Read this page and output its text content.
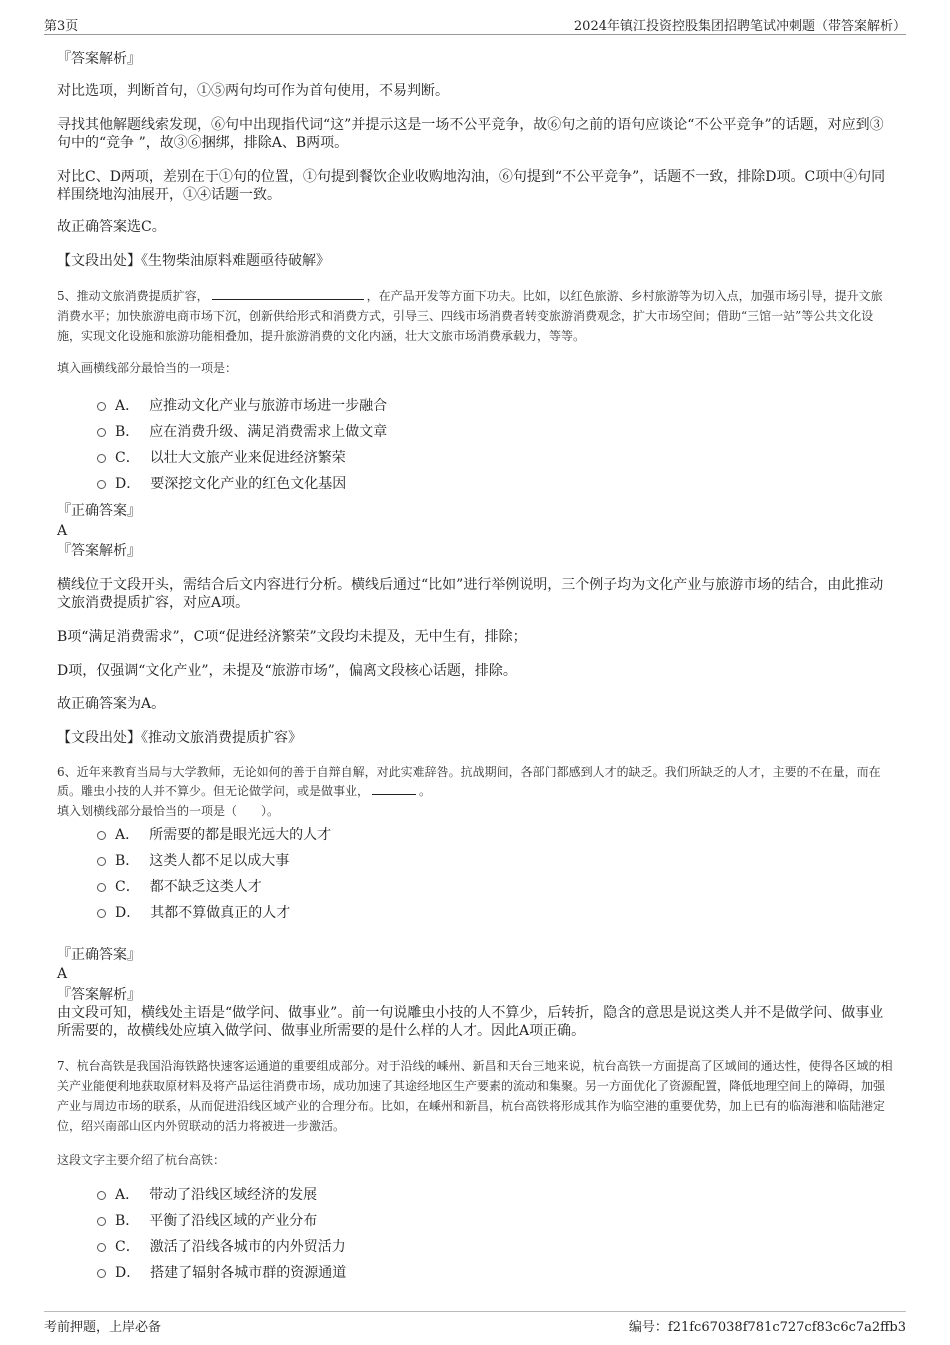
第3页	2024年镇江投资控股集团招聘笔试冲刺题（带答案解析）

『答案解析』

对比选项，判断首句，①⑤两句均可作为首句使用，不易判断。

寻找其他解题线索发现，⑥句中出现指代词“这”并提示这是一场不公平竞争，故⑥句之前的语句应谈论“不公平竞争”的话题，对应到③句中的“竞争 ”，故③⑥捆绑，排除A、B两项。

对比C、D两项，差别在于①句的位置，①句提到餐饮企业收购地沟油，⑥句提到“不公平竞争”，话题不一致，排除D项。C项中④句同样围绕地沟油展开，①④话题一致。

故正确答案选C。

【文段出处】《生物柴油原料难题亟待破解》

5、推动文旅消费提质扩容，	，在产品开发等方面下功夫。比如，以红色旅游、乡村旅游等为切入点，加强市场引导，提升文旅消费水平；加快旅游电商市场下沉，创新供给形式和消费方式，引导三、四线市场消费者转变旅游消费观念，扩大市场空间；借助“三馆一站”等公共文化设施，实现文化设施和旅游功能相叠加，提升旅游消费的文化内涵，壮大文旅市场消费承载力，等等。

填入画横线部分最恰当的一项是：

A． 应推动文化产业与旅游市场进一步融合
B． 应在消费升级、满足消费需求上做文章
C． 以壮大文旅产业来促进经济繁荣
D． 要深挖文化产业的红色文化基因

『正确答案』

A

『答案解析』

横线位于文段开头，需结合后文内容进行分析。横线后通过“比如”进行举例说明，三个例子均为文化产业与旅游市场的结合，由此推动文旅消费提质扩容，对应A项。

B项“满足消费需求”，C项“促进经济繁荣”文段均未提及，无中生有，排除；

D项，仅强调“文化产业”，未提及“旅游市场”，偏离文段核心话题，排除。

故正确答案为A。

【文段出处】《推动文旅消费提质扩容》

6、近年来教育当局与大学教师，无论如何的善于自辩自解，对此实难辞咎。抗战期间，各部门都感到人才的缺乏。我们所缺乏的人才，主要的不在量，而在质。雕虫小技的人并不算少。但无论做学问，或是做事业，	。

填入划横线部分最恰当的一项是（　　）。

A． 所需要的都是眼光远大的人才
B． 这类人都不足以成大事
C． 都不缺乏这类人才
D． 其都不算做真正的人才

『正确答案』

A

『答案解析』

由文段可知，横线处主语是“做学问、做事业”。前一句说雕虫小技的人不算少，后转折，隐含的意思是说这类人并不是做学问、做事业所需要的，故横线处应填入做学问、做事业所需要的是什么样的人才。因此A项正确。

7、杭台高铁是我国沿海铁路快速客运通道的重要组成部分。对于沿线的嵊州、新昌和天台三地来说，杭台高铁一方面提高了区域间的通达性，使得各区域的相关产业能便利地获取原材料及将产品运往消费市场，成功加速了其途经地区生产要素的流动和集聚。另一方面优化了资源配置，降低地理空间上的障碍，加强产业与周边市场的联系，从而促进沿线区域产业的合理分布。比如，在嵊州和新昌，杭台高铁将形成其作为临空港的重要优势，加上已有的临海港和临陆港定位，绍兴南部山区内外贸联动的活力将被进一步激活。

这段文字主要介绍了杭台高铁：

A． 带动了沿线区域经济的发展
B． 平衡了沿线区域的产业分布
C． 激活了沿线各城市的内外贸活力
D． 搭建了辐射各城市群的资源通道
考前押题，上岸必备	编号：f21fc67038f781c727cf83c6c7a2ffb3
